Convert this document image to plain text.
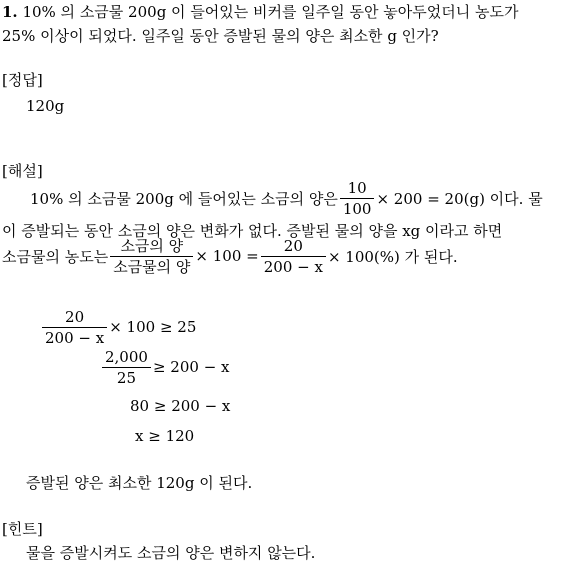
1. 10% 의 소금물 200g 이 들어있는 비커를 일주일 동안 놓아두었더니 농도가
25% 이상이 되었다. 일주일 동안 증발된 물의 양은 최소한 g 인가?
[정답]
120g
[해설]
10% 의 소금물 200g 에 들어있는 소금의 양은 $\frac{10}{100} \times 200 = 20(g)$ 이다. 물
이 증발되는 동안 소금의 양은 변화가 없다. 증발된 물의 양을 xg 이라고 하면
소금물의 농도는 $\frac{\text{소금의 양}}{\text{소금물의 양}} \times 100 = \frac{20}{200 - x} \times 100(\%)$ 가 된다.
$\frac{20}{200 - x} \times 100 \ge 25$
$\frac{2,000}{25} \ge 200 - x$
80 ≥ 200 − x
x ≥ 120
증발된 양은 최소한 120g 이 된다.
[힌트]
물을 증발시켜도 소금의 양은 변하지 않는다.
